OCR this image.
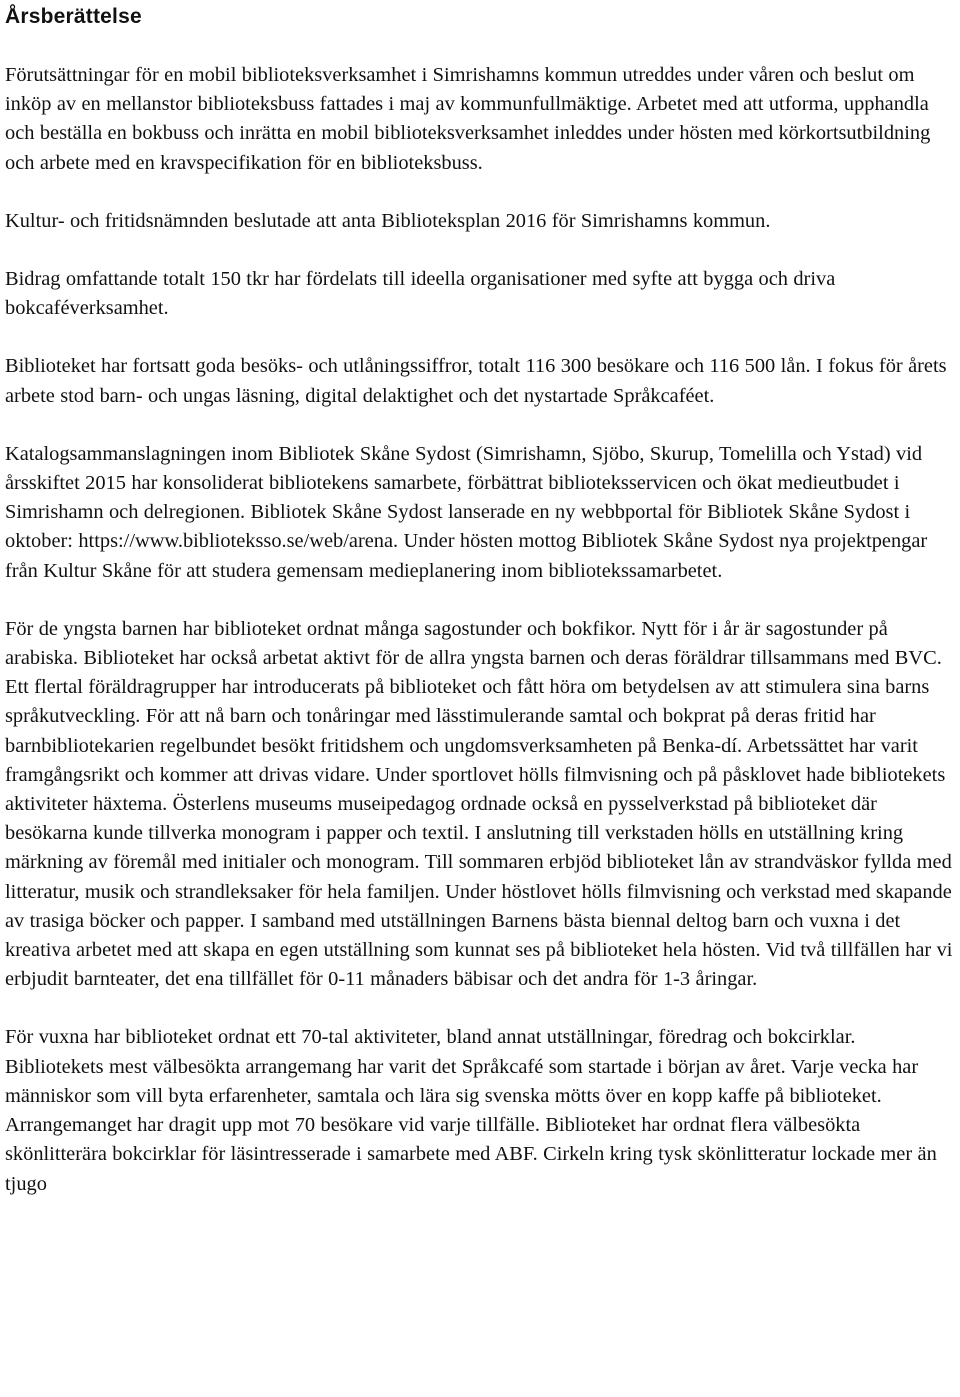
Årsberättelse

Förutsättningar för en mobil biblioteksverksamhet i Simrishamns kommun utreddes under våren och beslut om inköp av en mellanstor biblioteksbuss fattades i maj av kommunfullmäktige. Arbetet med att utforma, upphandla och beställa en bokbuss och inrätta en mobil biblioteksverksamhet inleddes under hösten med körkortsutbildning och arbete med en kravspecifikation för en biblioteksbuss.

Kultur- och fritidsnämnden beslutade att anta Biblioteksplan 2016 för Simrishamns kommun.

Bidrag omfattande totalt 150 tkr har fördelats till ideella organisationer med syfte att bygga och driva bokcaféverksamhet.

Biblioteket har fortsatt goda besöks- och utlåningssiffror, totalt 116 300 besökare och 116 500 lån. I fokus för årets arbete stod barn- och ungas läsning, digital delaktighet och det nystartade Språkcaféet.

Katalogsammanslagningen inom Bibliotek Skåne Sydost (Simrishamn, Sjöbo, Skurup, Tomelilla och Ystad) vid årsskiftet 2015 har konsoliderat bibliotekens samarbete, förbättrat biblioteksservicen och ökat medieutbudet i Simrishamn och delregionen. Bibliotek Skåne Sydost lanserade en ny webbportal för Bibliotek Skåne Sydost i oktober: https://www.biblioteksso.se/web/arena. Under hösten mottog Bibliotek Skåne Sydost nya projektpengar från Kultur Skåne för att studera gemensam medieplanering inom bibliotekssamarbetet.

För de yngsta barnen har biblioteket ordnat många sagostunder och bokfikor. Nytt för i år är sagostunder på arabiska. Biblioteket har också arbetat aktivt för de allra yngsta barnen och deras föräldrar tillsammans med BVC. Ett flertal föräldragrupper har introducerats på biblioteket och fått höra om betydelsen av att stimulera sina barns språkutveckling. För att nå barn och tonåringar med lässtimulerande samtal och bokprat på deras fritid har barnbibliotekarien regelbundet besökt fritidshem och ungdomsverksamheten på Benka-dí. Arbetssättet har varit framgångsrikt och kommer att drivas vidare. Under sportlovet hölls filmvisning och på påsklovet hade bibliotekets aktiviteter häxtema. Österlens museums museipedagog ordnade också en pysselverkstad på biblioteket där besökarna kunde tillverka monogram i papper och textil. I anslutning till verkstaden hölls en utställning kring märkning av föremål med initialer och monogram. Till sommaren erbjöd biblioteket lån av strandväskor fyllda med litteratur, musik och strandleksaker för hela familjen. Under höstlovet hölls filmvisning och verkstad med skapande av trasiga böcker och papper. I samband med utställningen Barnens bästa biennal deltog barn och vuxna i det kreativa arbetet med att skapa en egen utställning som kunnat ses på biblioteket hela hösten. Vid två tillfällen har vi erbjudit barnteater, det ena tillfället för 0-11 månaders bäbisar och det andra för 1-3 åringar.

För vuxna har biblioteket ordnat ett 70-tal aktiviteter, bland annat utställningar, föredrag och bokcirklar. Bibliotekets mest välbesökta arrangemang har varit det Språkcafé som startade i början av året. Varje vecka har människor som vill byta erfarenheter, samtala och lära sig svenska mötts över en kopp kaffe på biblioteket. Arrangemanget har dragit upp mot 70 besökare vid varje tillfälle. Biblioteket har ordnat flera välbesökta skönlitterära bokcirklar för läsintresserade i samarbete med ABF. Cirkeln kring tysk skönlitteratur lockade mer än tjugo
